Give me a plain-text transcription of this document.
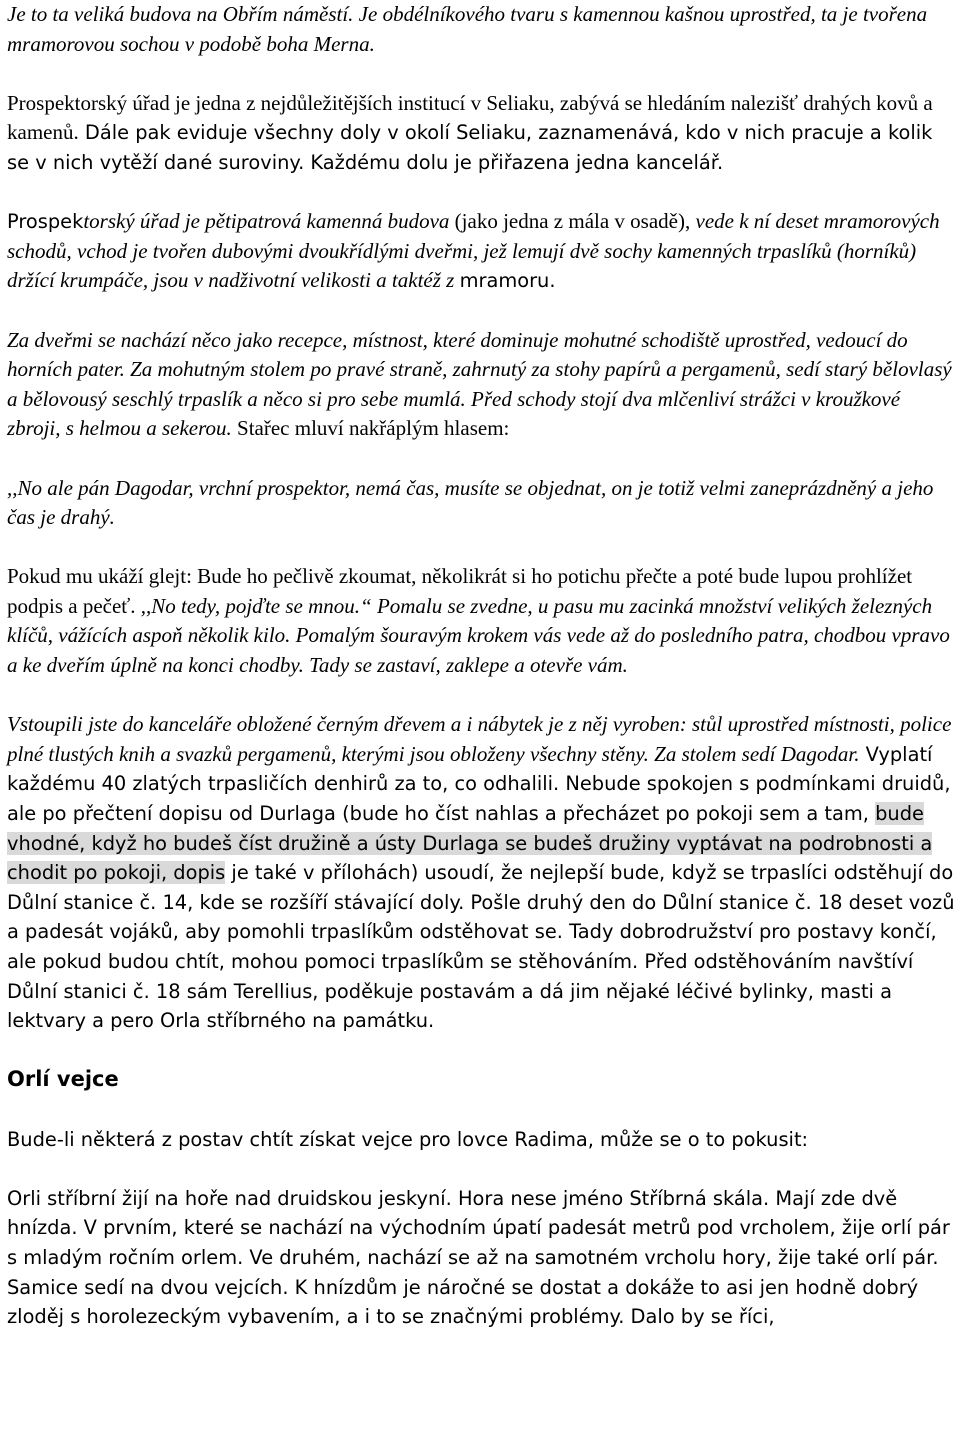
Je to ta veliká budova na Obřím náměstí. Je obdélníkového tvaru s kamennou kašnou uprostřed, ta je tvořena mramorovou sochou v podobě boha Merna.

Prospektorský úřad je jedna z nejdůležitějších institucí v Seliaku, zabývá se hledáním nalezišť drahých kovů a kamenů. Dále pak eviduje všechny doly v okolí Seliaku, zaznamenává, kdo v nich pracuje a kolik se v nich vytěží dané suroviny. Každému dolu je přiřazena jedna kancelář.

Prospektorský úřad je pětipatrová kamenná budova (jako jedna z mála v osadě), vede k ní deset mramorových schodů, vchod je tvořen dubovými dvoukřídlými dveřmi, jež lemují dvě sochy kamenných trpaslíků (horníků) držící krumpáče, jsou v nadživotní velikosti a taktéž z mramoru.

Za dveřmi se nachází něco jako recepce, místnost, které dominuje mohutné schodiště uprostřed, vedoucí do horních pater. Za mohutným stolem po pravé straně, zahrnutý za stohy papírů a pergamenů, sedí starý bělovlasý a bělovousý seschlý trpaslík a něco si pro sebe mumlá. Před schody stojí dva mlčenliví strážci v kroužkové zbroji, s helmou a sekerou. Stařec mluví nakřáplým hlasem:

,,No ale pán Dagodar, vrchní prospektor, nemá čas, musíte se objednat, on je totiž velmi zaneprázdněný a jeho čas je drahý.

Pokud mu ukáží glejt: Bude ho pečlivě zkoumat, několikrát si ho potichu přečte a poté bude lupou prohlížet podpis a pečeť. ,,No tedy, pojďte se mnou.“ Pomalu se zvedne, u pasu mu zacinká množství velikých železných klíčů, vážících aspoň několik kilo. Pomalým šouravým krokem vás vede až do posledního patra, chodbou vpravo a ke dveřím úplně na konci chodby. Tady se zastaví, zaklepe a otevře vám.

Vstoupili jste do kanceláře obložené černým dřevem a i nábytek je z něj vyroben: stůl uprostřed místnosti, police plné tlustých knih a svazků pergamenů, kterými jsou obloženy všechny stěny. Za stolem sedí Dagodar. Vyplatí každému 40 zlatých trpasličích denhirů za to, co odhalili. Nebude spokojen s podmínkami druidů, ale po přečtení dopisu od Durlaga (bude ho číst nahlas a přecházet po pokoji sem a tam, bude vhodné, když ho budeš číst družině a ústy Durlaga se budeš družiny vyptávat na podrobnosti a chodit po pokoji, dopis je také v přílohách) usoudí, že nejlepší bude, když se trpaslíci odstěhují do Důlní stanice č. 14, kde se rozšíří stávající doly. Pošle druhý den do Důlní stanice č. 18 deset vozů a padesát vojáků, aby pomohli trpaslíkům odstěhovat se. Tady dobrodružství pro postavy končí, ale pokud budou chtít, mohou pomoci trpaslíkům se stěhováním. Před odstěhováním navštíví Důlní stanici č. 18 sám Terellius, poděkuje postavám a dá jim nějaké léčivé bylinky, masti a lektvary a pero Orla stříbrného na památku.

Orlí vejce

Bude-li některá z postav chtít získat vejce pro lovce Radima, může se o to pokusit:

Orli stříbrní žijí na hoře nad druidskou jeskyní. Hora nese jméno Stříbrná skála. Mají zde dvě hnízda. V prvním, které se nachází na východním úpatí padesát metrů pod vrcholem, žije orlí pár s mladým ročním orlem. Ve druhém, nachází se až na samotném vrcholu hory, žije také orlí pár. Samice sedí na dvou vejcích. K hnízdům je náročné se dostat a dokáže to asi jen hodně dobrý zloděj s horolezeckým vybavením, a i to se značnými problémy. Dalo by se říci,
